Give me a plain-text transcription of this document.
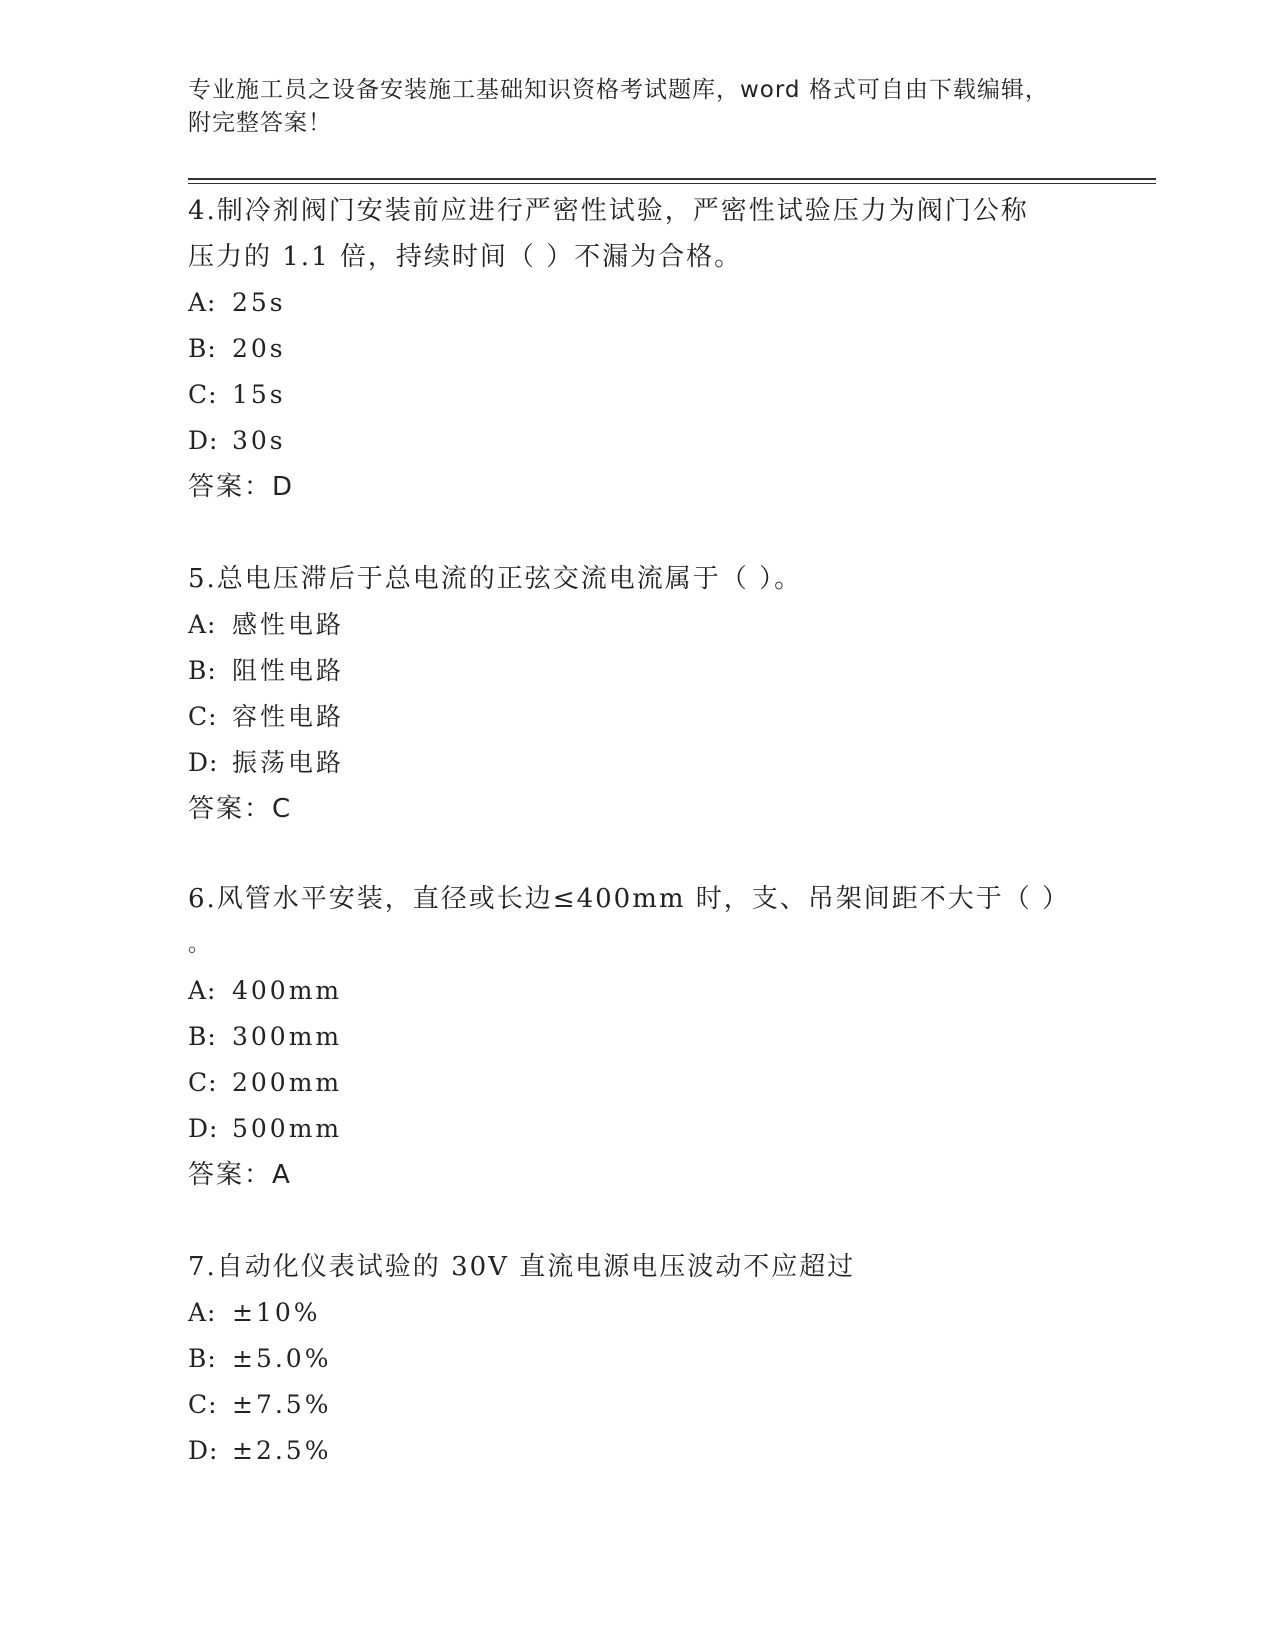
专业施工员之设备安装施工基础知识资格考试题库，word 格式可自由下载编辑，
附完整答案！
4.制冷剂阀门安装前应进行严密性试验，严密性试验压力为阀门公称
压力的 1.1 倍，持续时间（ ）不漏为合格。
A: 25s
B: 20s
C: 15s
D: 30s
答案：D
5.总电压滞后于总电流的正弦交流电流属于（ ）。
A: 感性电路
B: 阻性电路
C: 容性电路
D: 振荡电路
答案：C
6.风管水平安装，直径或长边≤400mm 时，支、吊架间距不大于（ ）
。
A: 400mm
B: 300mm
C: 200mm
D: 500mm
答案：A
7.自动化仪表试验的 30V 直流电源电压波动不应超过
A: ±10%
B: ±5.0%
C: ±7.5%
D: ±2.5%
